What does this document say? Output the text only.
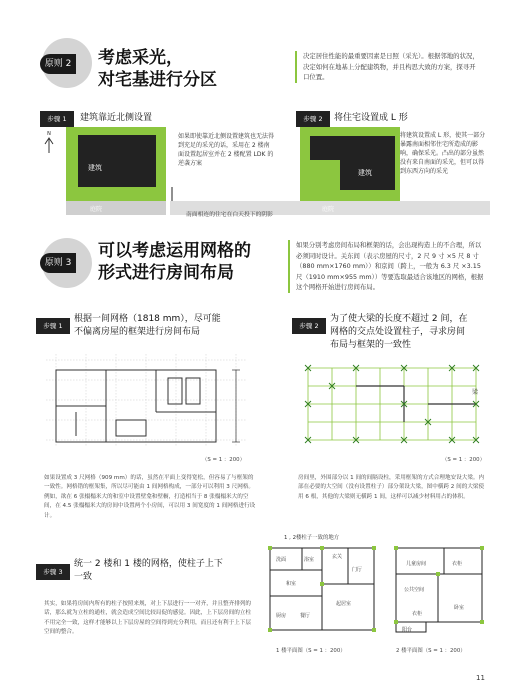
原则 2 考虑采光，
对宅基进行分区
决定居住性能的最重要因素是日照（采光）。根据邻地的状况，决定如何在地基上分配建筑物，并且构思大致的方案，探寻开口位置。
步骤 1	建筑靠近北侧设置
N
建筑
庭院
如果即使靠近北侧设置建筑也无法得到充足的采光的话，采用在 2 楼南面设置起居室并在 2 楼配置 LDK 的逆袭方案
南面相连的住宅在白天投下的阴影
步骤 2	将住宅设置成 L 形
建筑
庭院
将建筑设置成 L 形，使其一部分暴露南面相邻住宅所造成的影响，确保采光。凸出的部分虽然没有来自南面的采光，但可以得到东西方向的采光
原则 3
可以考虑运用网格的
形式进行房间布局
如果分别考虑房间布局和框架的话，会出现构造上的不合理，所以必须同时设计。关东间（表示房屋的尺寸，2 尺 9 寸 ×5 尺 8 寸（880 mm×1760 mm））和京间（跨上，一般为 6.3 尺 ×3.15 尺（1910 mm×955 mm））等要选取最适合该地区的网格，根据这个网格开始进行房间布局。
步骤 1
根据一间网格（1818 mm），尽可能
不偏离房屋的框架进行房间布局
（S = 1 ：200）
如果设置成 3 尺网格（909 mm）的话，虽然在平面上变得宽松，但容易了与框架的一致性。网格错的框架集，所以尽可能由 1 间网格构成，一部分可以利用 3 尺网格。例如，欲在 6 张榻榻米大的和室中设置壁龛和壁橱，打造相当于 8 张榻榻米大的空间，在 4.5 张榻榻米大的房间中设置两个小房间，可以用 3 间宽度的 1 间网格进行设计。
步骤 2
为了使大梁的长度不超过 2 间，在
网格的交点处设置柱子，寻求房间
布局与框架的一致性
梁
（S = 1 ：200）
房间里，外围部分以 1 间的间隔设柱，采用框架的方式合理地安设大梁。内部在必要的大空间（没有设置柱子）部分架设大梁，图中横跨 2 间的大梁使用 6 根，其他的大梁则无横跨 1 间，这样可以减少材料用占的体积。
步骤 3
统一 2 楼和 1 楼的网格，使柱子上下
一致
其实，如果将房间内所有的柱子按照来规，对上下层进行一一对齐，并且整齐排列的话，那么就为立柱的通柱，就会造成空间比较局促的感觉。因此，上下层房间的立柱不用完全一致，这样才能够以上下层房屋的空间得到充分利用，而且还有利于上下层空间的整合。
1 , 2楼柱子一致的地方
洗面	浴室	玄关
门厅
和室
起居室
厨房	餐厅
1 楼平面图（S = 1 ：200）
儿童房间	衣柜
公共空间
卧室
衣柜
阳台
2 楼平面图（S = 1 ：200）
11
